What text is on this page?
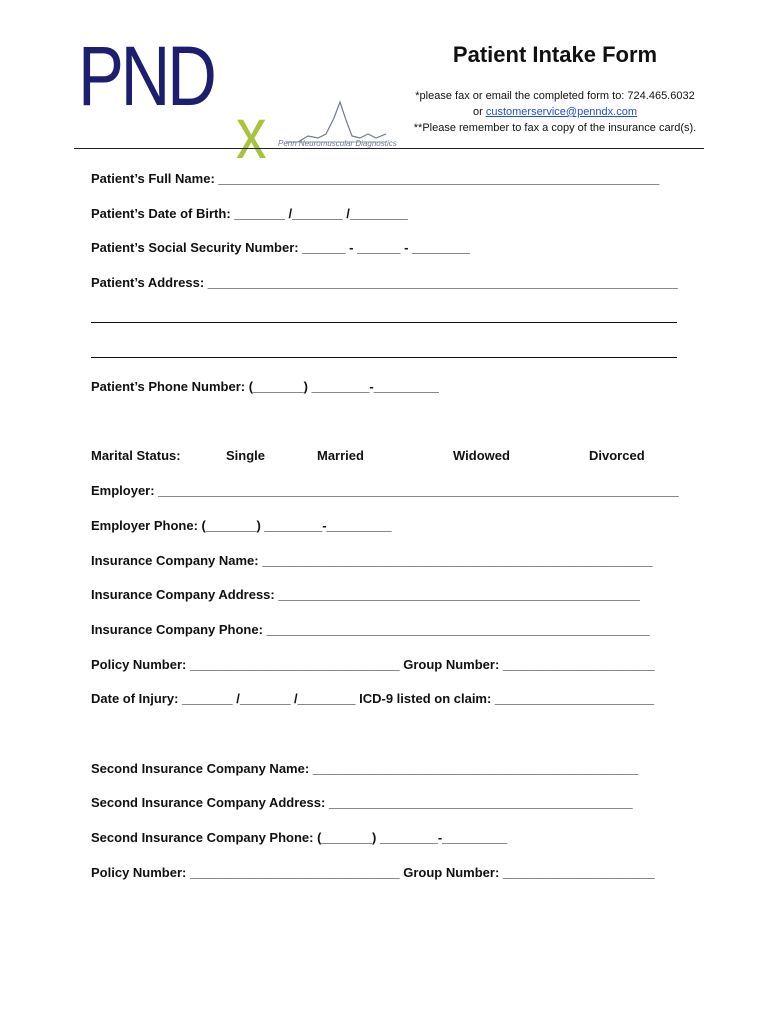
PND
x Penn Neuromuscular Diagnostics
Patient Intake Form

*please fax or email the completed form to: 724.465.6032

or customerservice@penndx.com

**Please remember to fax a copy of the insurance card(s).

Patient’s Full Name: _____________________________________________________________
Patient’s Date of Birth: _______ /_______ /________
Patient’s Social Security Number: ______ - ______ - ________
Patient’s Address: _________________________________________________________________
Patient’s Phone Number: (_______) ________-_________
Marital Status:	Single	Married	Widowed	Divorced
Employer: ________________________________________________________________________
Employer Phone: (_______) ________-_________
Insurance Company Name: ______________________________________________________
Insurance Company Address: __________________________________________________
Insurance Company Phone: _____________________________________________________
Policy Number: _____________________________ Group Number: _____________________
Date of Injury: _______ /_______ /________ ICD-9 listed on claim: ______________________
Second Insurance Company Name: _____________________________________________
Second Insurance Company Address: __________________________________________
Second Insurance Company Phone: (_______) ________-_________
Policy Number: _____________________________ Group Number: _____________________
